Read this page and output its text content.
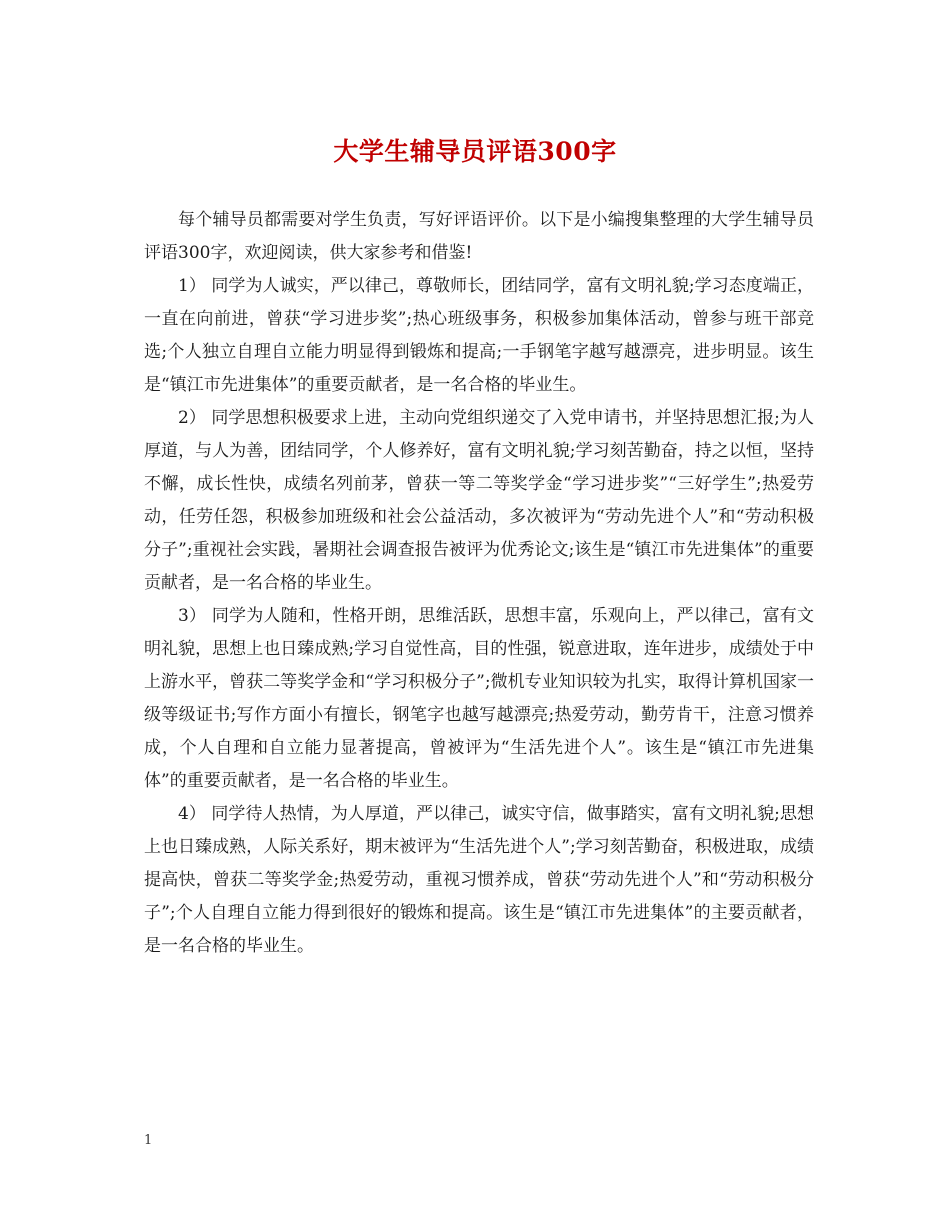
大学生辅导员评语300字

每个辅导员都需要对学生负责，写好评语评价。以下是小编搜集整理的大学生辅导员评语300字，欢迎阅读，供大家参考和借鉴!

1） 同学为人诚实，严以律己，尊敬师长，团结同学，富有文明礼貌;学习态度端正，一直在向前进，曾获“学习进步奖”;热心班级事务，积极参加集体活动，曾参与班干部竞选;个人独立自理自立能力明显得到锻炼和提高;一手钢笔字越写越漂亮，进步明显。该生是“镇江市先进集体”的重要贡献者，是一名合格的毕业生。

2） 同学思想积极要求上进，主动向党组织递交了入党申请书，并坚持思想汇报;为人厚道，与人为善，团结同学，个人修养好，富有文明礼貌;学习刻苦勤奋，持之以恒，坚持不懈，成长性快，成绩名列前茅，曾获一等二等奖学金“学习进步奖”“三好学生”;热爱劳动，任劳任怨，积极参加班级和社会公益活动，多次被评为“劳动先进个人”和“劳动积极分子”;重视社会实践，暑期社会调查报告被评为优秀论文;该生是“镇江市先进集体”的重要贡献者，是一名合格的毕业生。

3） 同学为人随和，性格开朗，思维活跃，思想丰富，乐观向上，严以律己，富有文明礼貌，思想上也日臻成熟;学习自觉性高，目的性强，锐意进取，连年进步，成绩处于中上游水平，曾获二等奖学金和“学习积极分子”;微机专业知识较为扎实，取得计算机国家一级等级证书;写作方面小有擅长，钢笔字也越写越漂亮;热爱劳动，勤劳肯干，注意习惯养成，个人自理和自立能力显著提高，曾被评为“生活先进个人”。该生是“镇江市先进集体”的重要贡献者，是一名合格的毕业生。

4） 同学待人热情，为人厚道，严以律己，诚实守信，做事踏实，富有文明礼貌;思想上也日臻成熟，人际关系好，期末被评为“生活先进个人”;学习刻苦勤奋，积极进取，成绩提高快，曾获二等奖学金;热爱劳动，重视习惯养成，曾获“劳动先进个人”和“劳动积极分子”;个人自理自立能力得到很好的锻炼和提高。该生是“镇江市先进集体”的主要贡献者，是一名合格的毕业生。

1
